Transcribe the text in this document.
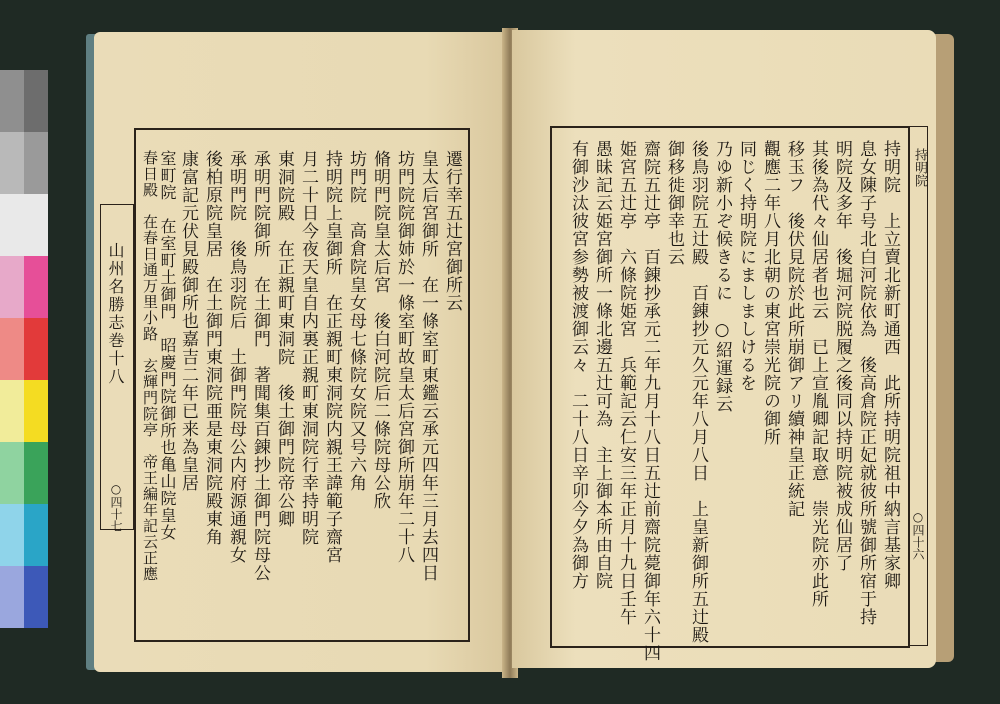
山州名勝志巻十八
○四十七
遷行幸五辻宮御所云
皇太后宮御所　在一條室町東鑑云承元四年三月去四日
坊門院院御姉於一條室町故皇太后宮御所崩年二十八
脩明門院皇太后宮　後白河院后二條院母公欣
坊門院　高倉院皇女母七條院女院又号六角
持明院上皇御所　在正親町東洞院内親王諱範子齋宮
月二十日今夜天皇自内裏正親町東洞院行幸持明院
東洞院殿　在正親町東洞院　後土御門院帝公卿
承明門院御所　在土御門　著聞集百錬抄土御門院母公
承明門院　後鳥羽院后　土御門院母公内府源通親女
後柏原院皇居　在土御門東洞院亜是東洞院殿東角
康富記元伏見殿御所也嘉吉二年已来為皇居
室町院　在室町土御門　昭慶門院御所也亀山院皇女
春日殿　在春日通万里小路　玄輝門院亭　帝王編年記云正應	○四十六
持明院
持明院　上立賣北新町通西　此所持明院祖中納言基家卿
息女陳子号北白河院依為　後高倉院正妃就彼所號御所宿于持
明院及多年　後堀河院脱履之後同以持明院被成仙居了
其後為代々仙居者也云　已上宣胤卿記取意　崇光院亦此所
移玉フ　後伏見院於此所崩御アリ續神皇正統記
觀應二年八月北朝の東宮崇光院の御所
同じく持明院にましましけるを
乃ゆ新小ぞ候きるに　○紹運録云
後鳥羽院五辻殿　百錬抄元久元年八月八日　上皇新御所五辻殿
御移徙御幸也云
齋院五辻亭　百錬抄承元二年九月十八日五辻前齋院薨御年六十四
姫宮五辻亭　六條院姫宮　兵範記云仁安三年正月十九日壬午
愚昧記云姫宮御所一條北邊五辻可為　主上御本所由自院
有御沙汰彼宮参勢被渡御云々　二十八日辛卯今夕為御方
